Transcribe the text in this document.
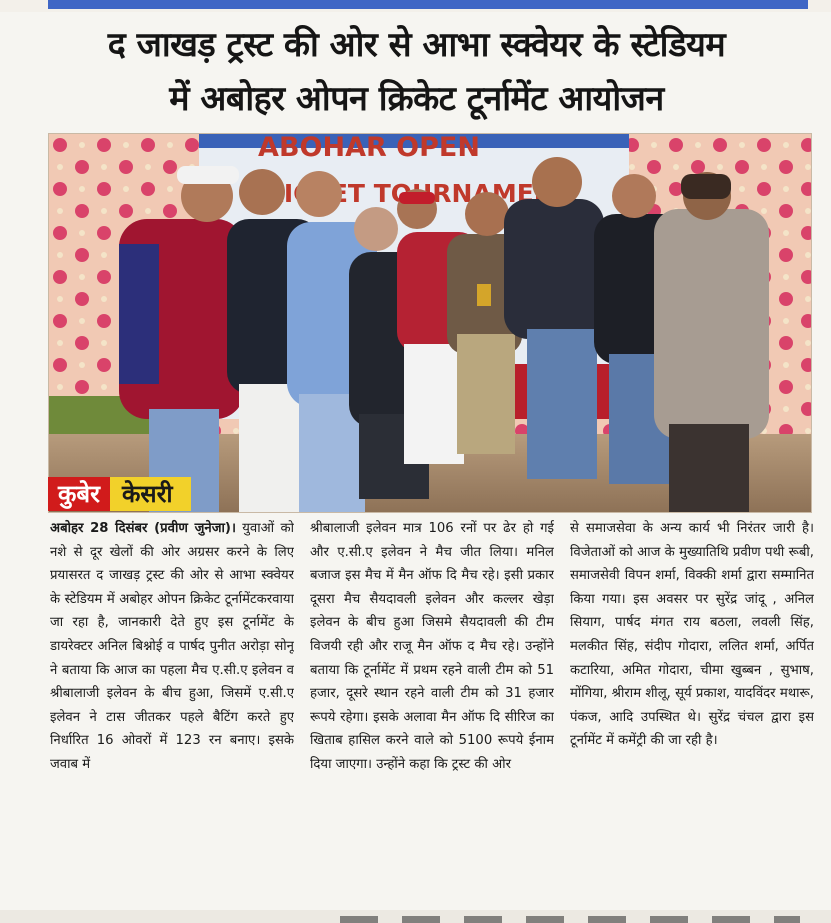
द जाखड़ ट्रस्ट की ओर से आभा स्क्वेयर के स्टेडियम
में अबोहर ओपन क्रिकेट टूर्नामेंट आयोजन
ABOHAR OPEN
TOURNAMENT
कुबेर केसरी
अबोहर 28 दिसंबर (प्रवीण जुनेजा)। युवाओं को नशे से दूर खेलों की ओर अग्रसर करने के लिए प्रयासरत द जाखड़ ट्रस्ट की ओर से आभा स्क्वेयर के स्टेडियम में अबोहर ओपन क्रिकेट टूर्नामेंटकरवाया जा रहा है, जानकारी देते हुए इस टूर्नामेंट के डायरेक्टर अनिल बिश्नोई व पार्षद पुनीत अरोड़ा सोनू ने बताया कि आज का पहला मैच ए.सी.ए इलेवन व श्रीबालाजी इलेवन के बीच हुआ, जिसमें ए.सी.ए इलेवन ने टास जीतकर पहले बैटिंग करते हुए निर्धारित 16 ओवरों में 123 रन बनाए। इसके जवाब में
श्रीबालाजी इलेवन मात्र 106 रनों पर ढेर हो गई और ए.सी.ए इलेवन ने मैच जीत लिया। मनिल बजाज इस मैच में मैन ऑफ दि मैच रहे। इसी प्रकार दूसरा मैच सैयदावली इलेवन और कल्लर खेड़ा इलेवन के बीच हुआ जिसमे सैयदावली की टीम विजयी रही और राजू मैन ऑफ द मैच रहे। उन्होंने बताया कि टूर्नामेंट में प्रथम रहने वाली टीम को 51 हजार, दूसरे स्थान रहने वाली टीम को 31 हजार रूपये रहेगा। इसके अलावा मैन ऑफ दि सीरिज का खिताब हासिल करने वाले को 5100 रूपये ईनाम दिया जाएगा। उन्होंने कहा कि ट्रस्ट की ओर
से समाजसेवा के अन्य कार्य भी निरंतर जारी है। विजेताओं को आज के मुख्यातिथि प्रवीण पथी रूबी, समाजसेवी विपन शर्मा, विक्की शर्मा द्वारा सम्मानित किया गया। इस अवसर पर सुरेंद्र जांदू , अनिल सियाग, पार्षद मंगत राय बठला, लवली सिंह, मलकीत सिंह, संदीप गोदारा, ललित शर्मा, अर्पित कटारिया, अमित गोदारा, चीमा खुब्बन , सुभाष, मोंगिया, श्रीराम शीलू, सूर्य प्रकाश, यादविंदर मथारू, पंकज, आदि उपस्थित थे। सुरेंद्र चंचल द्वारा इस टूर्नामेंट में कमेंट्री की जा रही है।
